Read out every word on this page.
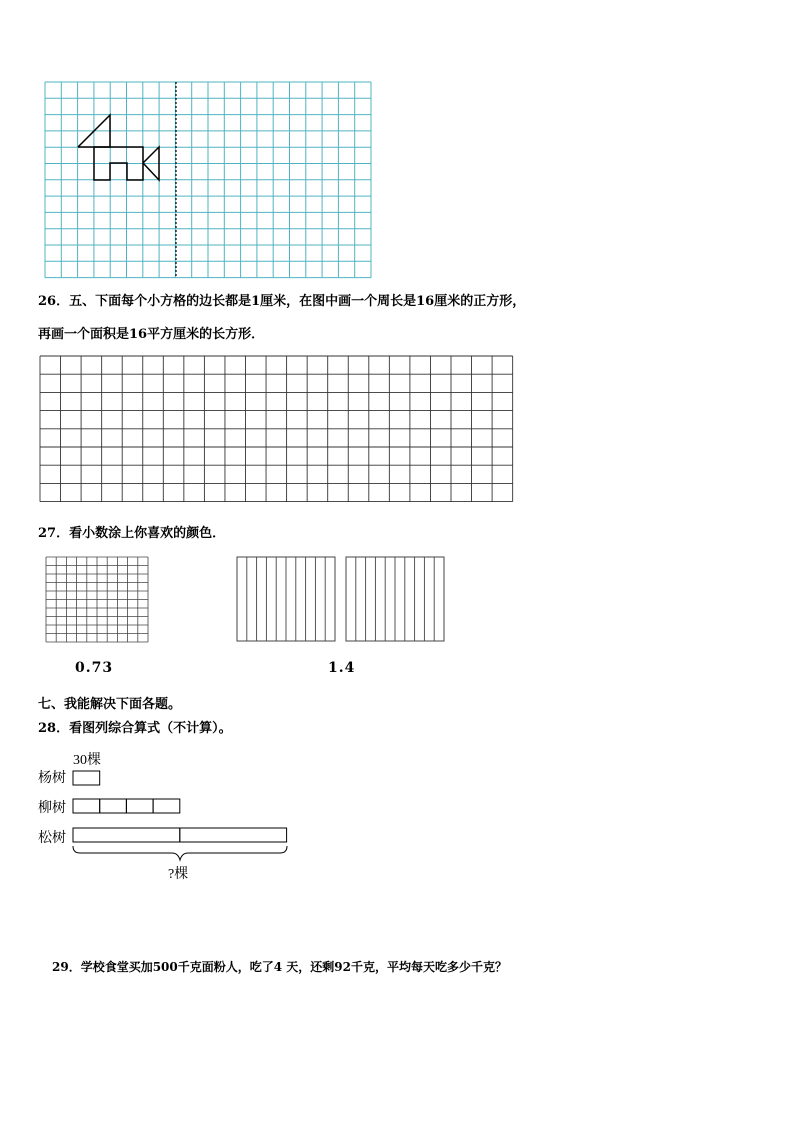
26．五、下面每个小方格的边长都是1厘米，在图中画一个周长是16厘米的正方形，
再画一个面积是16平方厘米的长方形．
27．看小数涂上你喜欢的颜色．
0.73	1.4
七、我能解决下面各题。
28．看图列综合算式（不计算）。
30棵
杨树
柳树
松树
?棵
29．学校食堂买加500千克面粉人，吃了4 天，还剩92千克，平均每天吃多少千克？
